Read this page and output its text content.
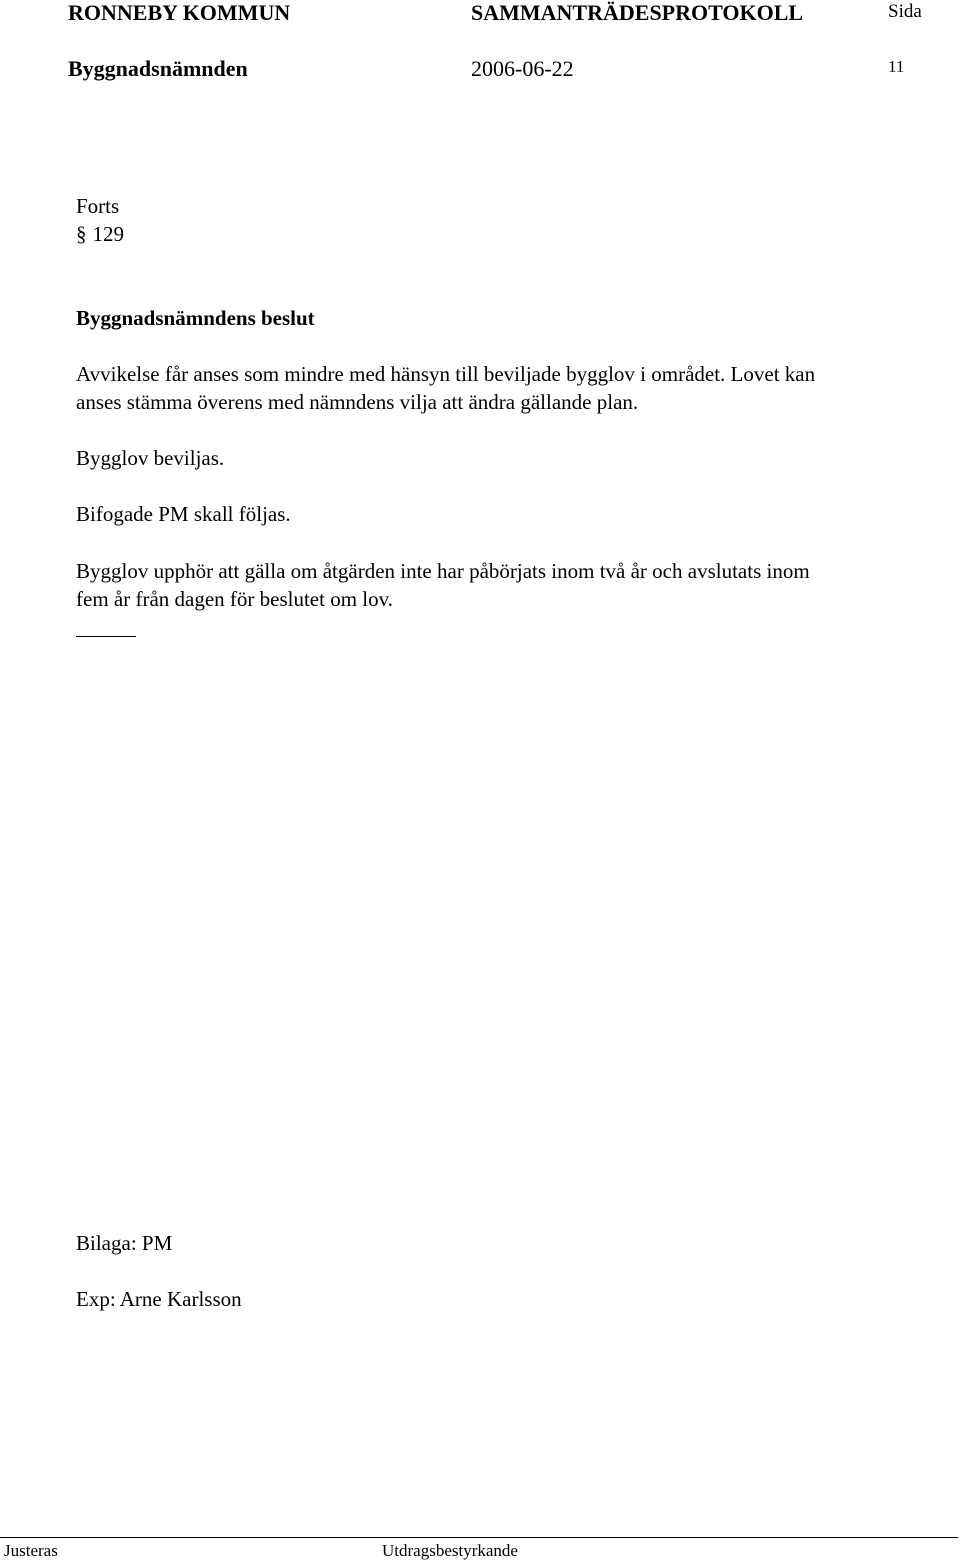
RONNEBY KOMMUN	SAMMANTRÄDESPROTOKOLL	Sida
Byggnadsnämnden	2006-06-22	11
Forts
§ 129
Byggnadsnämndens beslut
Avvikelse får anses som mindre med hänsyn till beviljade bygglov i området. Lovet kan
anses stämma överens med nämndens vilja att ändra gällande plan.
Bygglov beviljas.
Bifogade PM skall följas.
Bygglov upphör att gälla om åtgärden inte har påbörjats inom två år och avslutats inom
fem år från dagen för beslutet om lov.
Bilaga: PM
Exp: Arne Karlsson
Justeras	Utdragsbestyrkande
